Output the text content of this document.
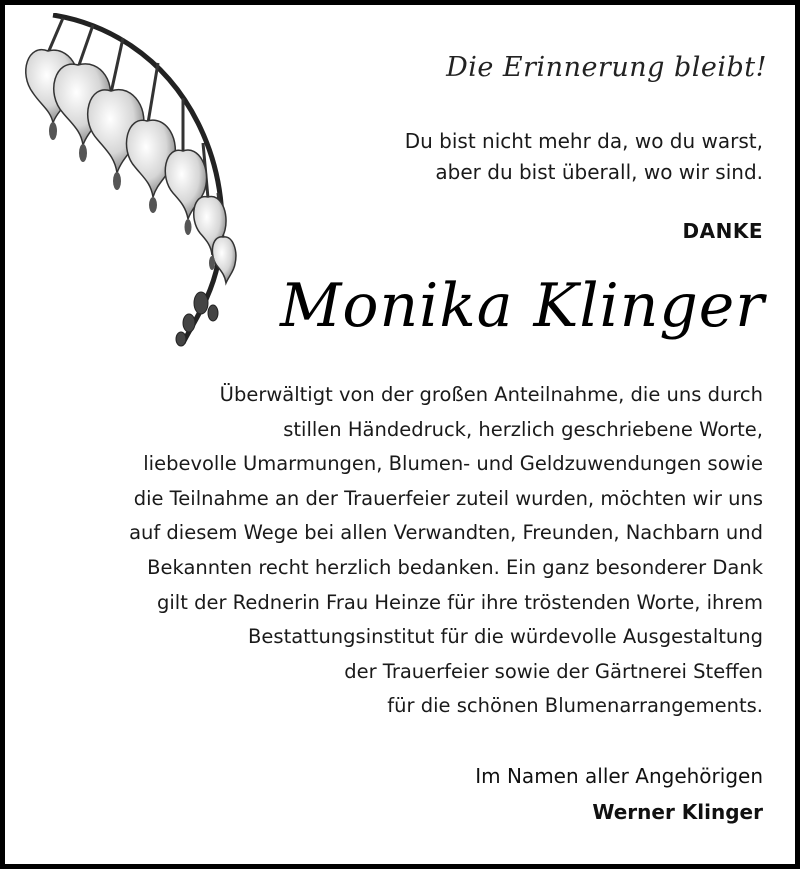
Die Erinnerung bleibt!
Du bist nicht mehr da, wo du warst,
aber du bist überall, wo wir sind.
DANKE
Monika Klinger
Überwältigt von der großen Anteilnahme, die uns durch
stillen Händedruck, herzlich geschriebene Worte,
liebevolle Umarmungen, Blumen- und Geldzuwendungen sowie
die Teilnahme an der Trauerfeier zuteil wurden, möchten wir uns
auf diesem Wege bei allen Verwandten, Freunden, Nachbarn und
Bekannten recht herzlich bedanken. Ein ganz besonderer Dank
gilt der Rednerin Frau Heinze für ihre tröstenden Worte, ihrem
Bestattungsinstitut für die würdevolle Ausgestaltung
der Trauerfeier sowie der Gärtnerei Steffen
für die schönen Blumenarrangements.
Im Namen aller Angehörigen
Werner Klinger
